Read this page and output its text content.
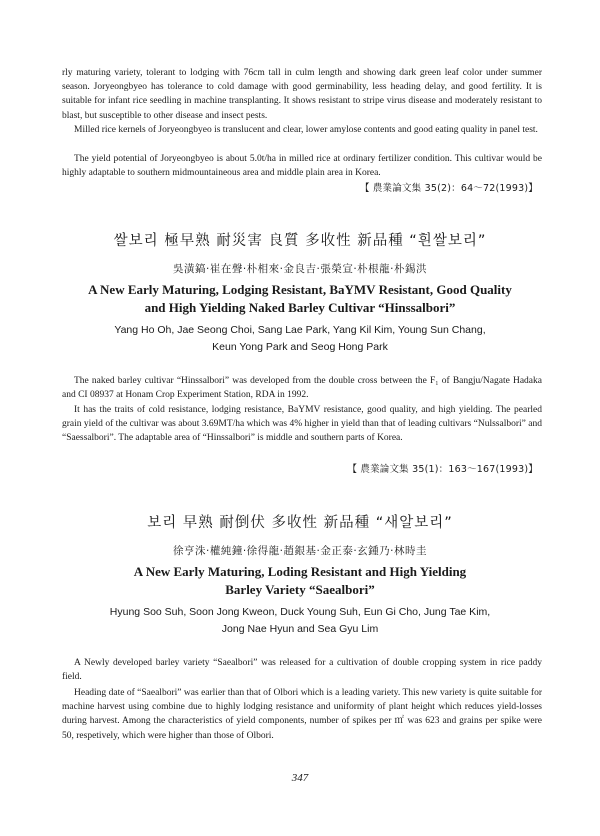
rly maturing variety, tolerant to lodging with 76cm tall in culm length and showing dark green leaf color under summer season. Joryeongbyeo has tolerance to cold damage with good germinability, less heading delay, and good fertility. It is suitable for infant rice seedling in machine transplanting. It shows resistant to stripe virus disease and moderately resistant to blast, but susceptible to other disease and insect pests.
Milled rice kernels of Joryeongbyeo is translucent and clear, lower amylose contents and good eating quality in panel test.
The yield potential of Joryeongbyeo is about 5.0t/ha in milled rice at ordinary fertilizer condition. This cultivar would be highly adaptable to southern midmountaineous area and middle plain area in Korea.
【 農業論文集 35(2)：64～72(1993)】
쌀보리 極早熟 耐災害 良質 多收性 新品種 “흰쌀보리”
吳潢鎬·崔在聲·朴相來·金良吉·張榮宣·朴根龍·朴錫洪
A New Early Maturing, Lodging Resistant, BaYMV Resistant, Good Quality
and High Yielding Naked Barley Cultivar “Hinssalbori”
Yang Ho Oh, Jae Seong Choi, Sang Lae Park, Yang Kil Kim, Young Sun Chang,
Keun Yong Park and Seog Hong Park
The naked barley cultivar “Hinssalbori” was developed from the double cross between the F₁ of Bangju/Nagate Hadaka and CI 08937 at Honam Crop Experiment Station, RDA in 1992.
It has the traits of cold resistance, lodging resistance, BaYMV resistance, good quality, and high yielding. The pearled grain yield of the cultivar was about 3.69MT/ha which was 4% higher in yield than that of leading cultivars “Nulssalbori” and “Saessalbori”. The adaptable area of “Hinssalbori” is middle and southern parts of Korea.
【 農業論文集 35(1)：163～167(1993)】
보리 早熟 耐倒伏 多收性 新品種 “새알보리”
徐亨洙·權純鐘·徐得龍·趙銀基·金正泰·玄鍾乃·林時圭
A New Early Maturing, Loding Resistant and High Yielding
Barley Variety “Saealbori”
Hyung Soo Suh, Soon Jong Kweon, Duck Young Suh, Eun Gi Cho, Jung Tae Kim,
Jong Nae Hyun and Sea Gyu Lim
A Newly developed barley variety “Saealbori” was released for a cultivation of double cropping system in rice paddy field.
Heading date of “Saealbori” was earlier than that of Olbori which is a leading variety. This new variety is quite suitable for machine harvest using combine due to highly lodging resistance and uniformity of plant height which reduces yield-losses during harvest. Among the characteristics of yield components, number of spikes per ㎡ was 623 and grains per spike were 50, respetively, which were higher than those of Olbori.
347
